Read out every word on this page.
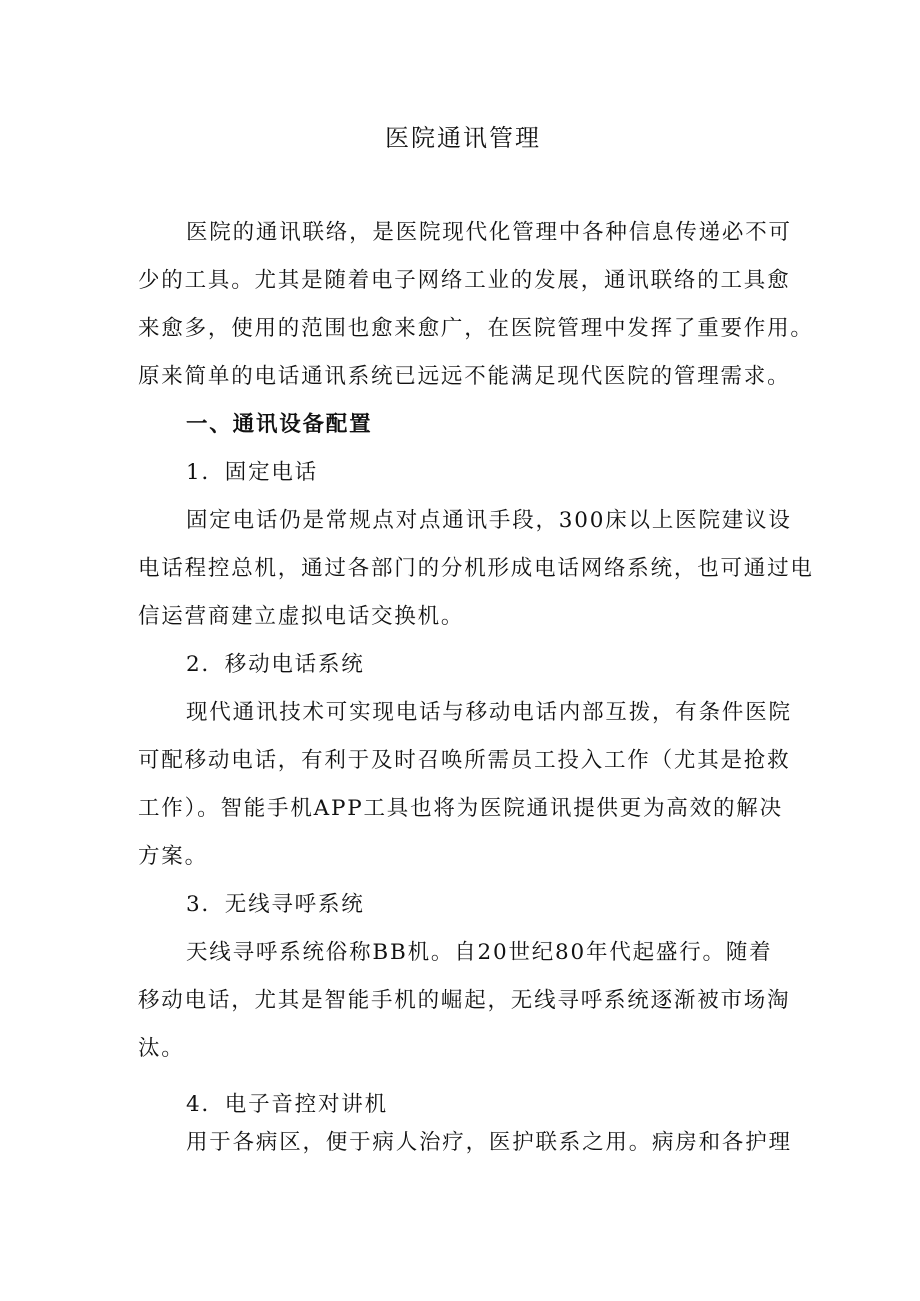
医院通讯管理
医院的通讯联络，是医院现代化管理中各种信息传递必不可
少的工具。尤其是随着电子网络工业的发展，通讯联络的工具愈
来愈多，使用的范围也愈来愈广，在医院管理中发挥了重要作用。
原来简单的电话通讯系统已远远不能满足现代医院的管理需求。
一、通讯设备配置
1．固定电话
固定电话仍是常规点对点通讯手段，300床以上医院建议设
电话程控总机，通过各部门的分机形成电话网络系统，也可通过电
信运营商建立虚拟电话交换机。
2．移动电话系统
现代通讯技术可实现电话与移动电话内部互拨，有条件医院
可配移动电话，有利于及时召唤所需员工投入工作（尤其是抢救
工作）。智能手机APP工具也将为医院通讯提供更为高效的解决
方案。
3．无线寻呼系统
天线寻呼系统俗称BB机。自20世纪80年代起盛行。随着
移动电话，尤其是智能手机的崛起，无线寻呼系统逐渐被市场淘
汰。
4．电子音控对讲机
用于各病区，便于病人治疗，医护联系之用。病房和各护理
